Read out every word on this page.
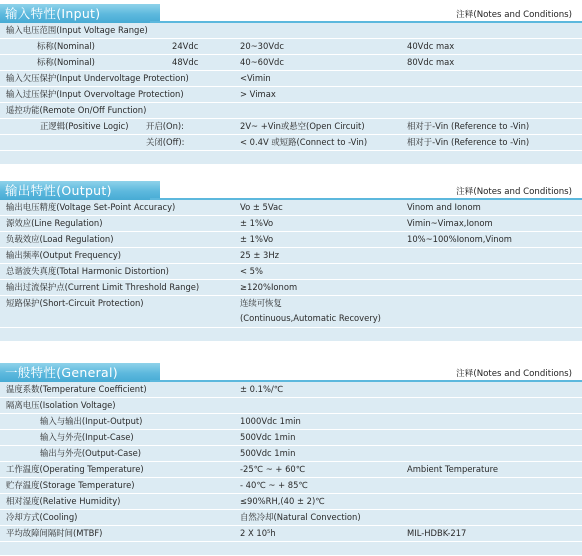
输入特性(Input)	注释(Notes and Conditions)
输入电压范围(Input Voltage Range)
标称(Nominal)	24Vdc	20~30Vdc	40Vdc max
标称(Nominal)	48Vdc	40~60Vdc	80Vdc max
输入欠压保护(Input Undervoltage Protection)	<Vimin
输入过压保护(Input Overvoltage Protection)	> Vimax
遥控功能(Remote On/Off Function)
正逻辑(Positive Logic) 开启(On):	2V~ +Vin或悬空(Open Circuit)	相对于-Vin (Reference to -Vin)
关闭(Off):	< 0.4V 或短路(Connect to -Vin)	相对于-Vin (Reference to -Vin)
输出特性(Output)	注释(Notes and Conditions)
输出电压精度(Voltage Set-Point Accuracy)	Vo ± 5Vac	Vinom and Ionom
源效应(Line Regulation)	± 1%Vo	Vimin~Vimax,Ionom
负载效应(Load Regulation)	± 1%Vo	10%~100%Ionom,Vinom
输出频率(Output Frequency)	25 ± 3Hz
总谐波失真度(Total Harmonic Distortion)	< 5%
输出过流保护点(Current Limit Threshold Range)	≥120%Ionom
短路保护(Short-Circuit Protection)	连续可恢复
(Continuous,Automatic Recovery)
一般特性(General)	注释(Notes and Conditions)
温度系数(Temperature Coefficient)	± 0.1%/℃
隔离电压(Isolation Voltage)
输入与输出(Input-Output)	1000Vdc 1min
输入与外壳(Input-Case)	500Vdc 1min
输出与外壳(Output-Case)	500Vdc 1min
工作温度(Operating Temperature)	-25℃ ~ + 60℃	Ambient Temperature
贮存温度(Storage Temperature)	- 40℃ ~ + 85℃
相对湿度(Relative Humidity)	≤90%RH,(40 ± 2)℃
冷却方式(Cooling)	自然冷却(Natural Convection)
平均故障间隔时间(MTBF)	2 X 10⁵h	MIL-HDBK-217
